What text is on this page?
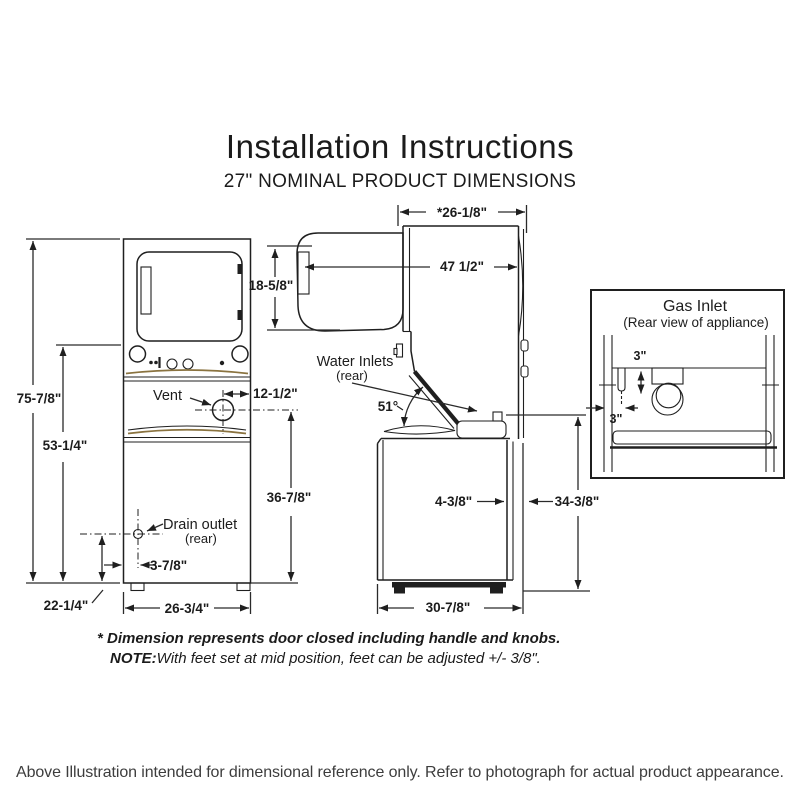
Installation Instructions
27" NOMINAL PRODUCT DIMENSIONS
75-7/8"
53-1/4"
22-1/4"
Vent	12-1/2"
Drain outlet
(rear)
3-7/8"
36-7/8"
26-3/4"
18-5/8"
47 1/2"
*26-1/8"
Water Inlets
(rear)
51°
4-3/8"	34-3/8"
30-7/8"
Gas Inlet
(Rear view of appliance)
3"
3"
* Dimension represents door closed including handle and knobs.
NOTE:With feet set at mid position, feet can be adjusted +/- 3/8".
Above Illustration intended for dimensional reference only. Refer to photograph for actual product appearance.
